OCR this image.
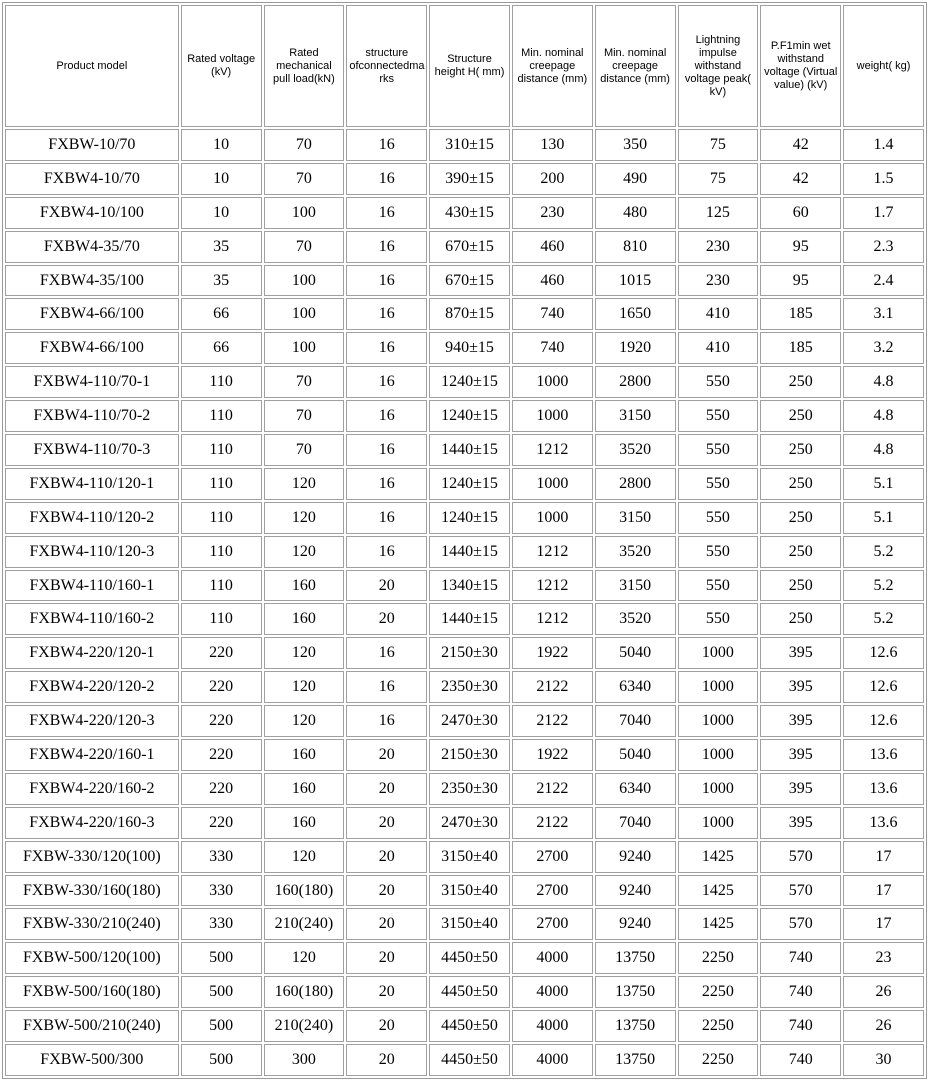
Product model	Rated voltage (kV)	Rated mechanical pull load(kN)	structure ofconnectedma rks	Structure height H( mm)	Min. nominal creepage distance (mm)	Min. nominal creepage distance (mm)	Lightning impulse withstand voltage peak( kV)	P.F1min wet withstand voltage (Virtual value) (kV)	weight( kg)
FXBW-10/70	10	70	16	310±15	130	350	75	42	1.4
FXBW4-10/70	10	70	16	390±15	200	490	75	42	1.5
FXBW4-10/100	10	100	16	430±15	230	480	125	60	1.7
FXBW4-35/70	35	70	16	670±15	460	810	230	95	2.3
FXBW4-35/100	35	100	16	670±15	460	1015	230	95	2.4
FXBW4-66/100	66	100	16	870±15	740	1650	410	185	3.1
FXBW4-66/100	66	100	16	940±15	740	1920	410	185	3.2
FXBW4-110/70-1	110	70	16	1240±15	1000	2800	550	250	4.8
FXBW4-110/70-2	110	70	16	1240±15	1000	3150	550	250	4.8
FXBW4-110/70-3	110	70	16	1440±15	1212	3520	550	250	4.8
FXBW4-110/120-1	110	120	16	1240±15	1000	2800	550	250	5.1
FXBW4-110/120-2	110	120	16	1240±15	1000	3150	550	250	5.1
FXBW4-110/120-3	110	120	16	1440±15	1212	3520	550	250	5.2
FXBW4-110/160-1	110	160	20	1340±15	1212	3150	550	250	5.2
FXBW4-110/160-2	110	160	20	1440±15	1212	3520	550	250	5.2
FXBW4-220/120-1	220	120	16	2150±30	1922	5040	1000	395	12.6
FXBW4-220/120-2	220	120	16	2350±30	2122	6340	1000	395	12.6
FXBW4-220/120-3	220	120	16	2470±30	2122	7040	1000	395	12.6
FXBW4-220/160-1	220	160	20	2150±30	1922	5040	1000	395	13.6
FXBW4-220/160-2	220	160	20	2350±30	2122	6340	1000	395	13.6
FXBW4-220/160-3	220	160	20	2470±30	2122	7040	1000	395	13.6
FXBW-330/120(100)	330	120	20	3150±40	2700	9240	1425	570	17
FXBW-330/160(180)	330	160(180)	20	3150±40	2700	9240	1425	570	17
FXBW-330/210(240)	330	210(240)	20	3150±40	2700	9240	1425	570	17
FXBW-500/120(100)	500	120	20	4450±50	4000	13750	2250	740	23
FXBW-500/160(180)	500	160(180)	20	4450±50	4000	13750	2250	740	26
FXBW-500/210(240)	500	210(240)	20	4450±50	4000	13750	2250	740	26
FXBW-500/300	500	300	20	4450±50	4000	13750	2250	740	30
